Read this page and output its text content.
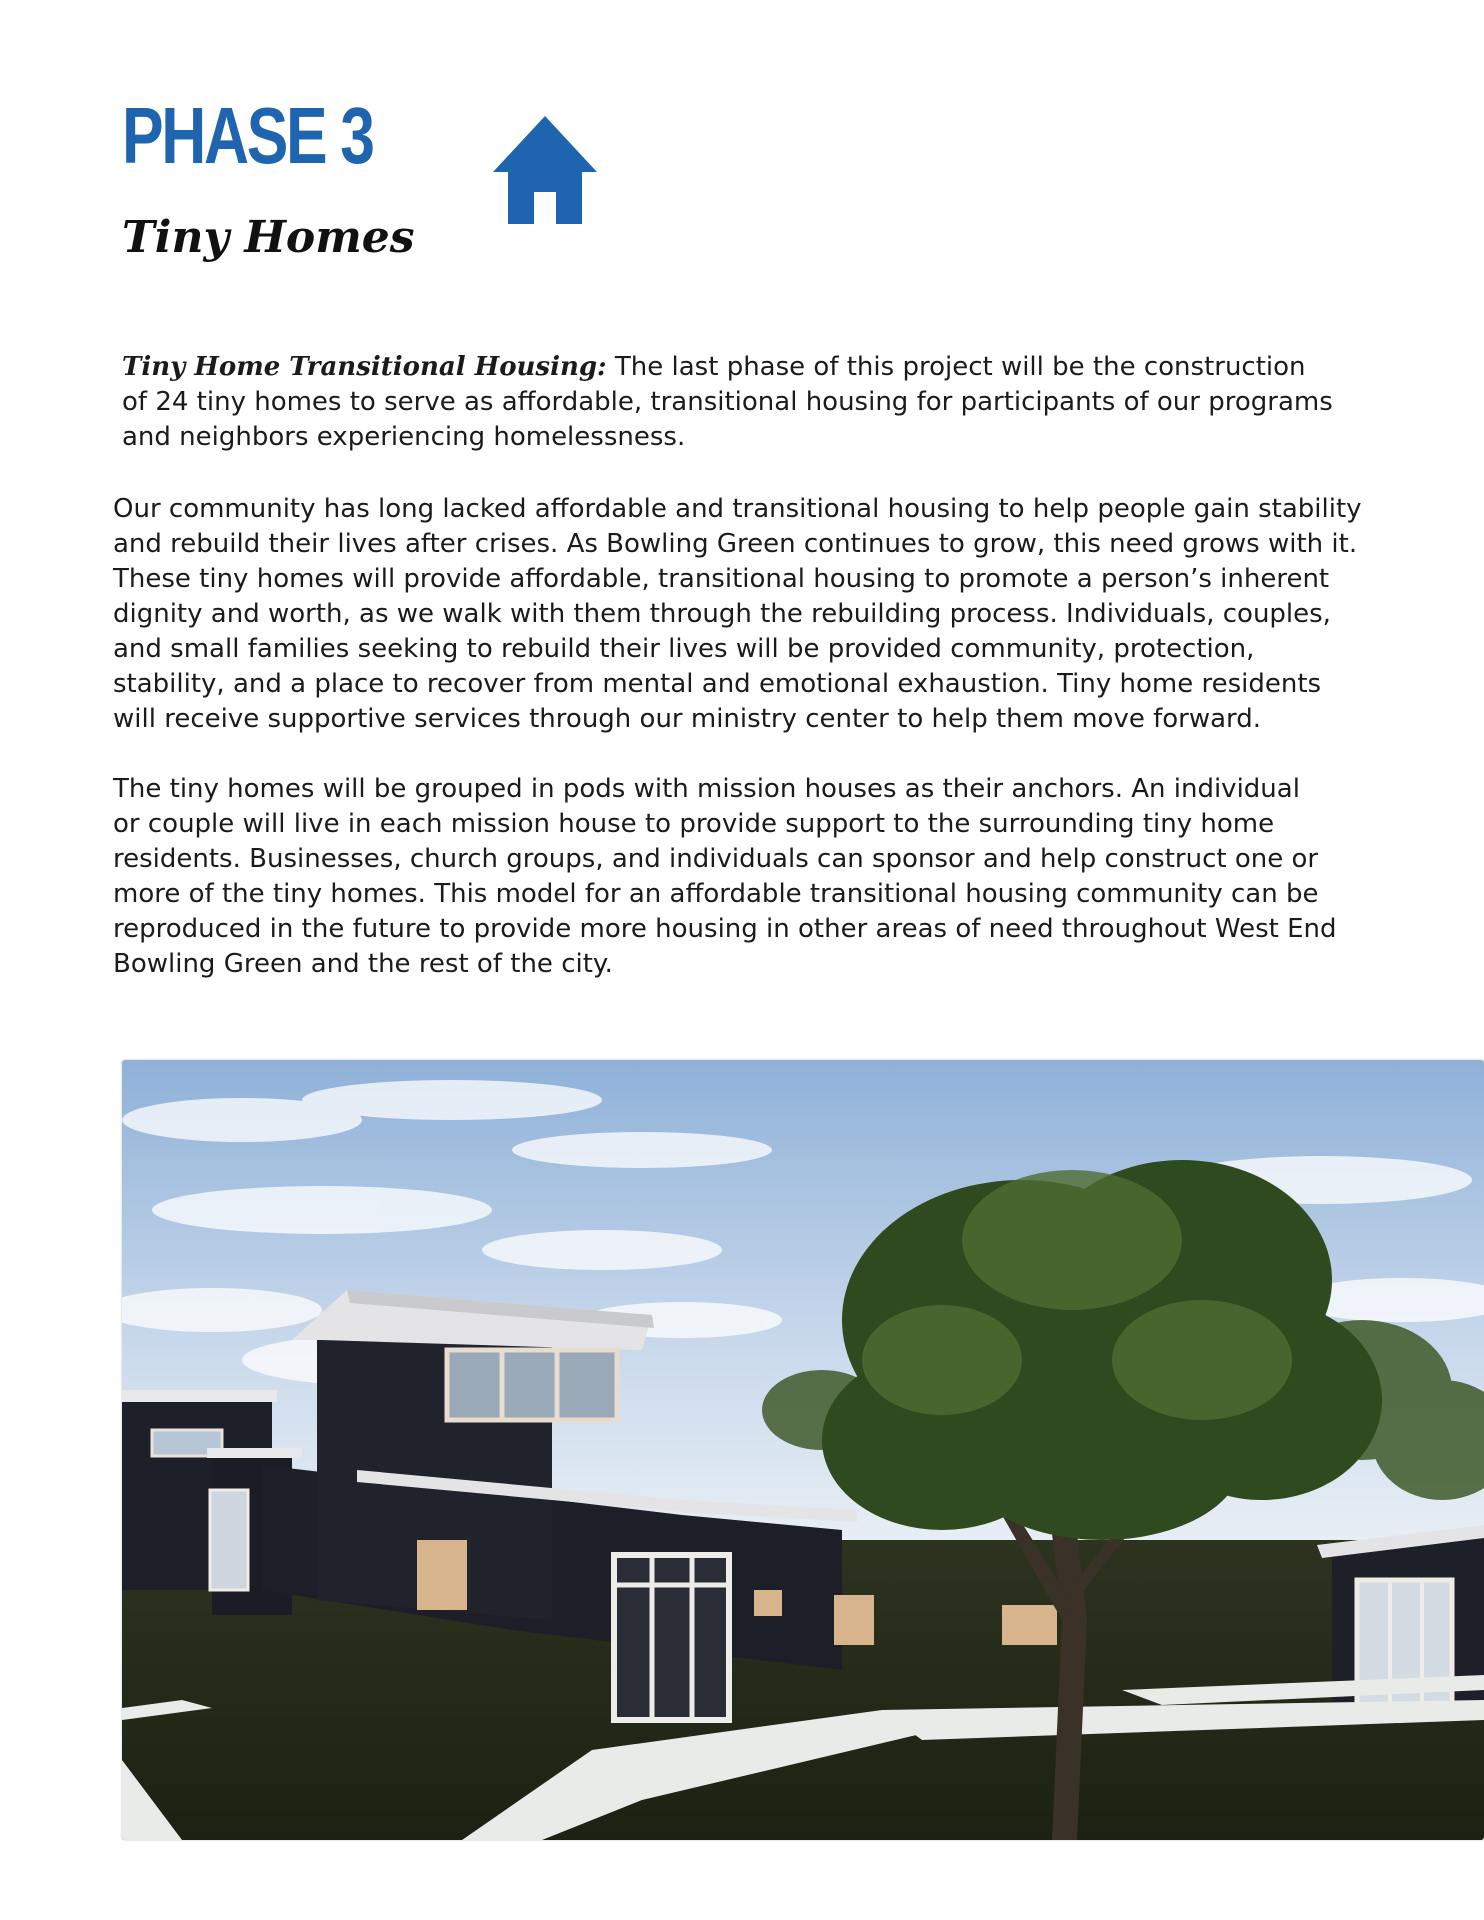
PHASE 3
Tiny Homes

Tiny Home Transitional Housing: The last phase of this project will be the construction
of 24 tiny homes to serve as affordable, transitional housing for participants of our programs
and neighbors experiencing homelessness.

Our community has long lacked affordable and transitional housing to help people gain stability
and rebuild their lives after crises. As Bowling Green continues to grow, this need grows with it.
These tiny homes will provide affordable, transitional housing to promote a person’s inherent
dignity and worth, as we walk with them through the rebuilding process. Individuals, couples,
and small families seeking to rebuild their lives will be provided community, protection,
stability, and a place to recover from mental and emotional exhaustion. Tiny home residents
will receive supportive services through our ministry center to help them move forward.

The tiny homes will be grouped in pods with mission houses as their anchors. An individual
or couple will live in each mission house to provide support to the surrounding tiny home
residents. Businesses, church groups, and individuals can sponsor and help construct one or
more of the tiny homes. This model for an affordable transitional housing community can be
reproduced in the future to provide more housing in other areas of need throughout West End
Bowling Green and the rest of the city.
